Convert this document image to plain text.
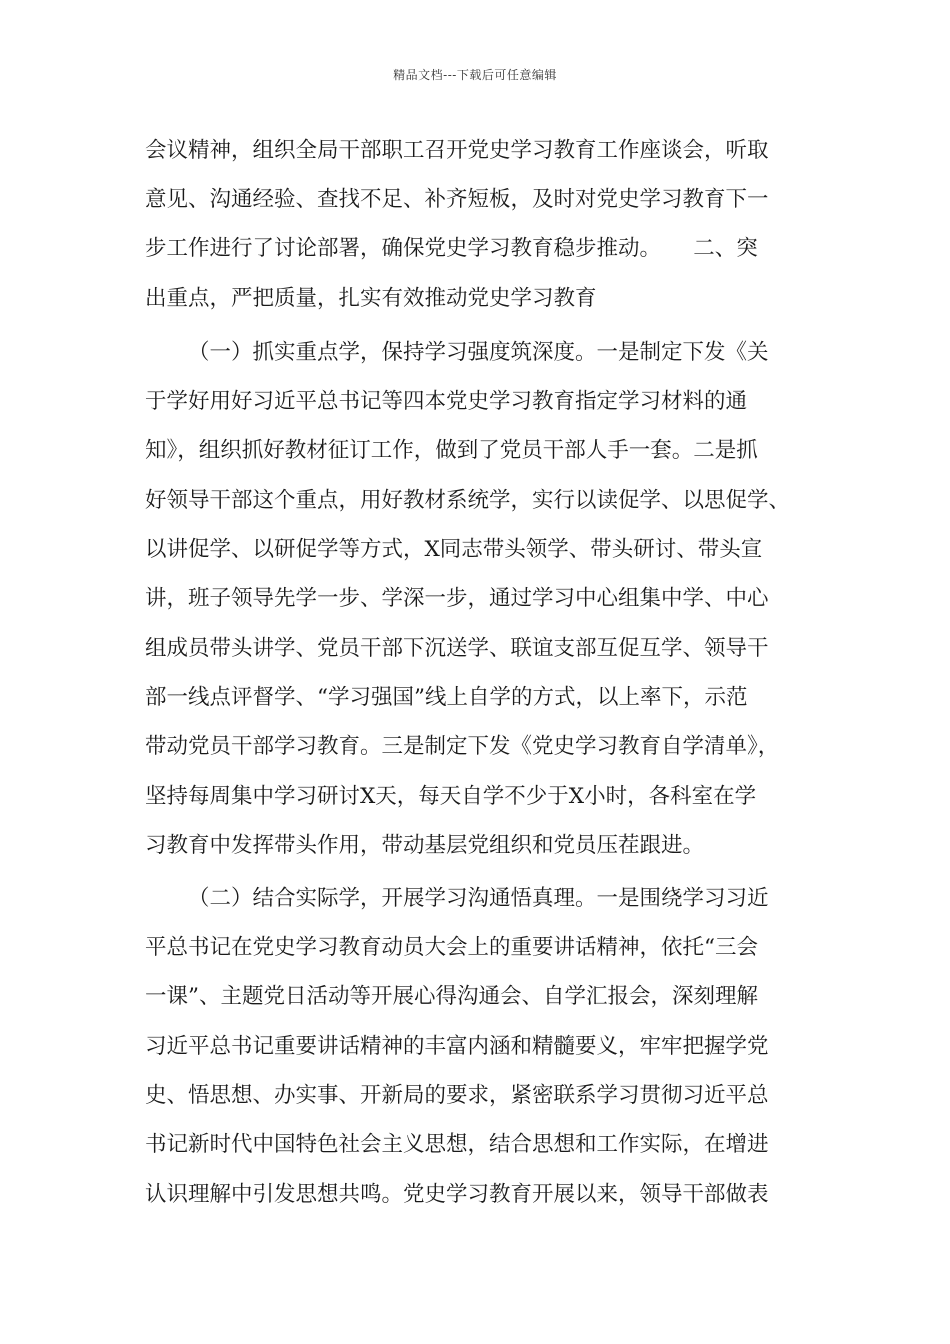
精品文档---下载后可任意编辑
会议精神，组织全局干部职工召开党史学习教育工作座谈会，听取
意见、沟通经验、查找不足、补齐短板，及时对党史学习教育下一
步工作进行了讨论部署，确保党史学习教育稳步推动。　　二、突
出重点，严把质量，扎实有效推动党史学习教育
（一）抓实重点学，保持学习强度筑深度。一是制定下发《关
于学好用好习近平总书记等四本党史学习教育指定学习材料的通
知》，组织抓好教材征订工作，做到了党员干部人手一套。二是抓
好领导干部这个重点，用好教材系统学，实行以读促学、以思促学、
以讲促学、以研促学等方式，X同志带头领学、带头研讨、带头宣
讲，班子领导先学一步、学深一步，通过学习中心组集中学、中心
组成员带头讲学、党员干部下沉送学、联谊支部互促互学、领导干
部一线点评督学、“学习强国”线上自学的方式，以上率下，示范
带动党员干部学习教育。三是制定下发《党史学习教育自学清单》，
坚持每周集中学习研讨X天，每天自学不少于X小时，各科室在学
习教育中发挥带头作用，带动基层党组织和党员压茬跟进。
（二）结合实际学，开展学习沟通悟真理。一是围绕学习习近
平总书记在党史学习教育动员大会上的重要讲话精神，依托“三会
一课”、主题党日活动等开展心得沟通会、自学汇报会，深刻理解
习近平总书记重要讲话精神的丰富内涵和精髓要义，牢牢把握学党
史、悟思想、办实事、开新局的要求，紧密联系学习贯彻习近平总
书记新时代中国特色社会主义思想，结合思想和工作实际，在增进
认识理解中引发思想共鸣。党史学习教育开展以来，领导干部做表
